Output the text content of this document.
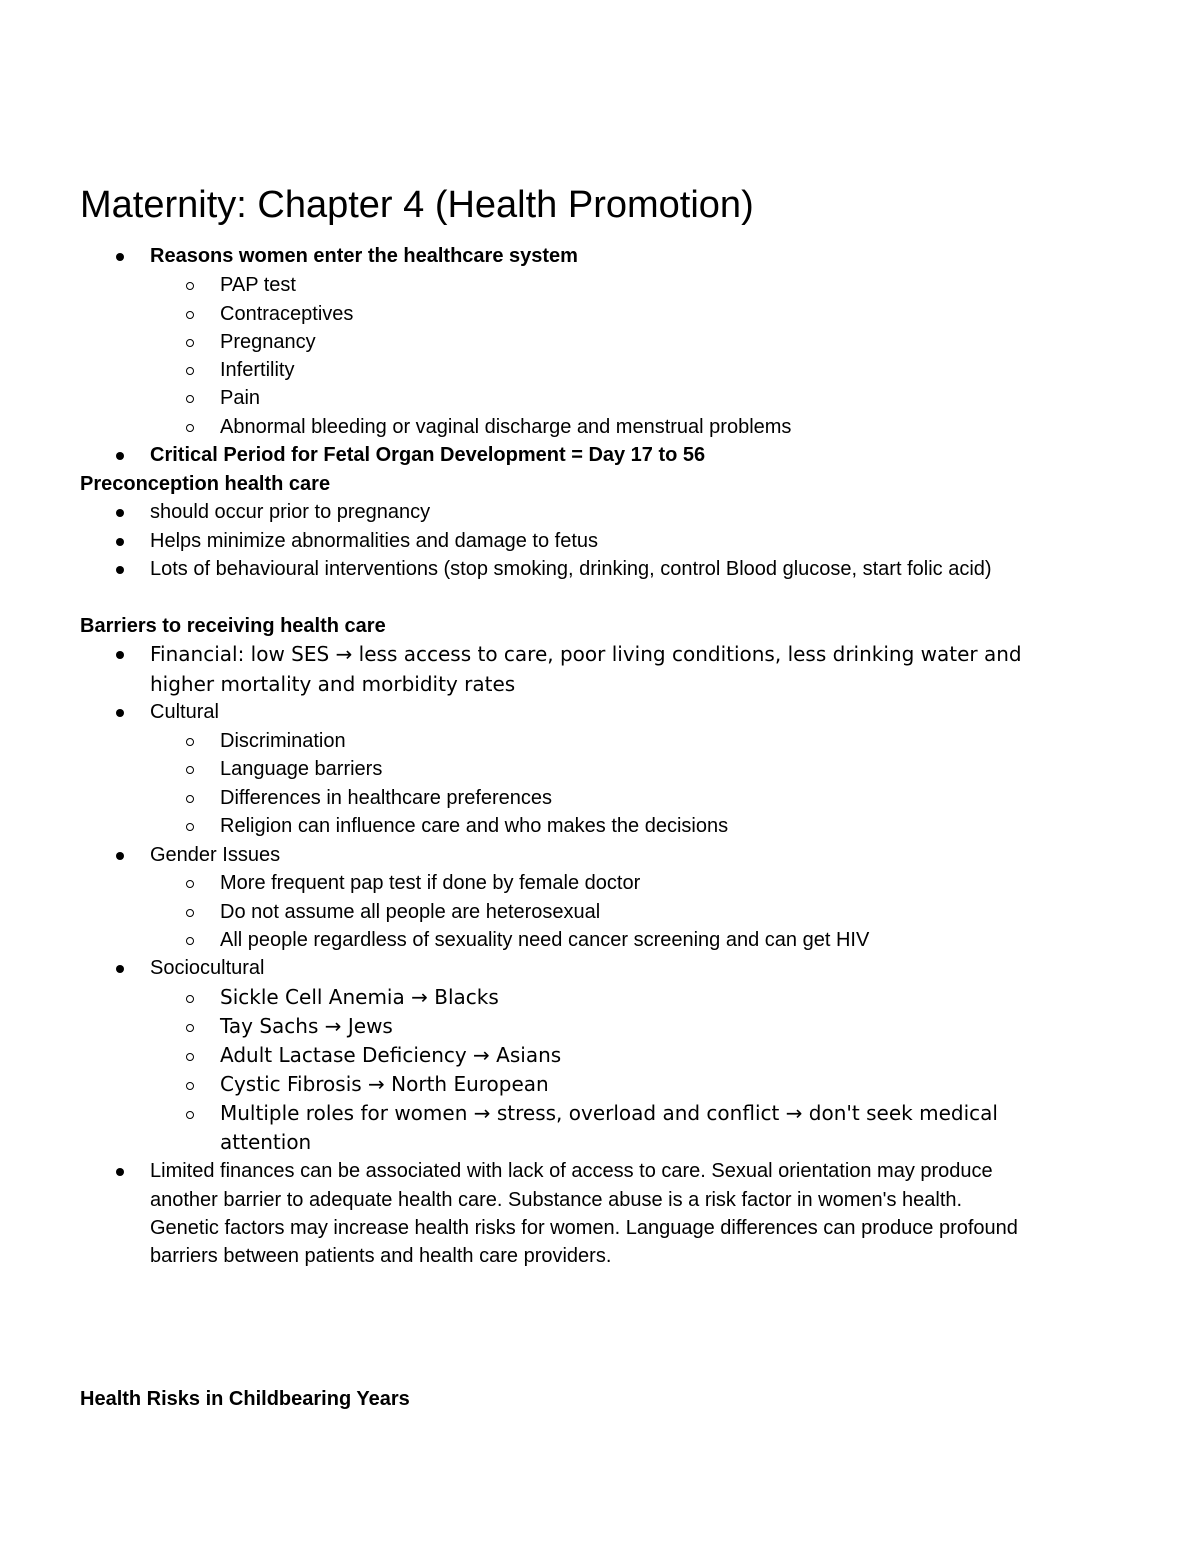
Maternity: Chapter 4 (Health Promotion)
Reasons women enter the healthcare system
PAP test
Contraceptives
Pregnancy
Infertility
Pain
Abnormal bleeding or vaginal discharge and menstrual problems
Critical Period for Fetal Organ Development = Day 17 to 56
Preconception health care
should occur prior to pregnancy
Helps minimize abnormalities and damage to fetus
Lots of behavioural interventions (stop smoking, drinking, control Blood glucose, start folic acid)
Barriers to receiving health care
Financial: low SES → less access to care, poor living conditions, less drinking water and
higher mortality and morbidity rates
Cultural
Discrimination
Language barriers
Differences in healthcare preferences
Religion can influence care and who makes the decisions
Gender Issues
More frequent pap test if done by female doctor
Do not assume all people are heterosexual
All people regardless of sexuality need cancer screening and can get HIV
Sociocultural
Sickle Cell Anemia → Blacks
Tay Sachs → Jews
Adult Lactase Deficiency → Asians
Cystic Fibrosis → North European
Multiple roles for women → stress, overload and conflict → don't seek medical
attention
Limited finances can be associated with lack of access to care. Sexual orientation may produce
another barrier to adequate health care. Substance abuse is a risk factor in women's health.
Genetic factors may increase health risks for women. Language differences can produce profound
barriers between patients and health care providers.
Health Risks in Childbearing Years
